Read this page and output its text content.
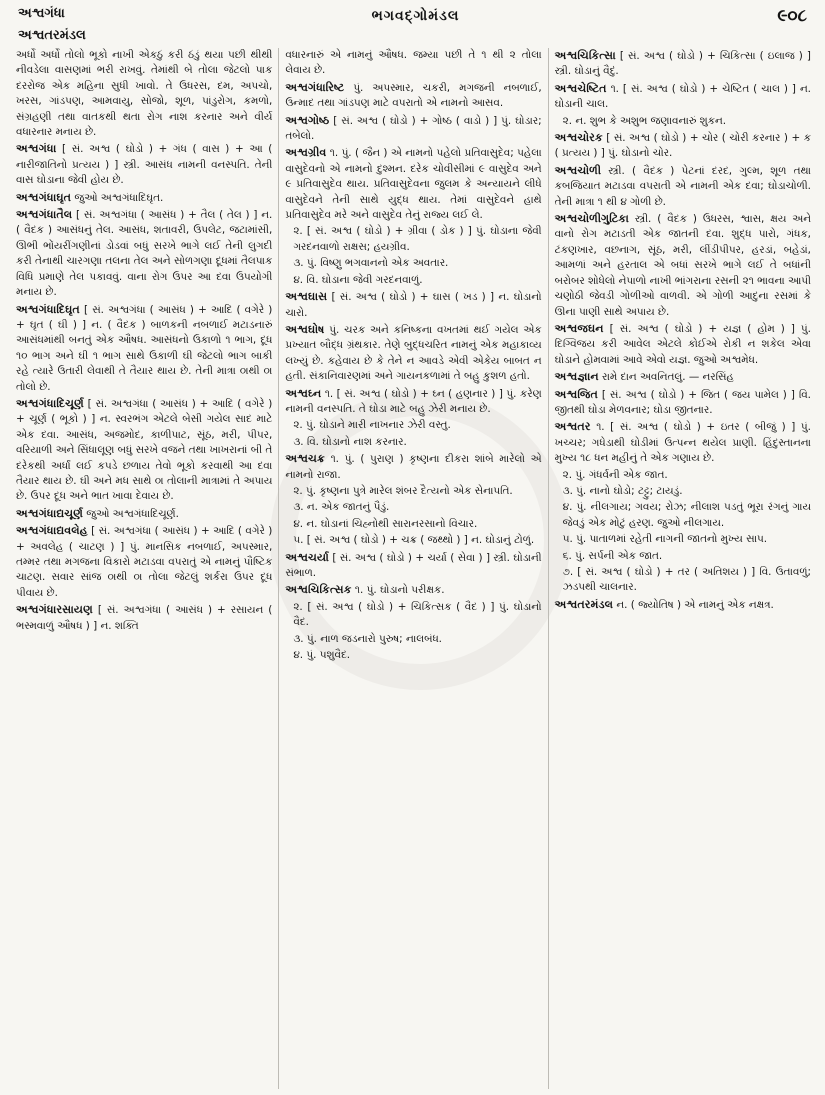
અશ્વગંધા	ભગવદ્ગોમંડલ	૯૦૮
અશ્વતરમંડલ
અર્ધો અર્ધો તોલો ભૂકો નાખી એકઠું કરી ઠંડું થયા પછી થીથી નીવડેલા વાસણમાં ભરી રાખવું. તેમાંથી બે તોલા જેટલો પાક દરરોજ એક મહિના સુધી ખાવો. તે ઉધરસ, દમ, અપચો, ખરસ, ગાંડપણ, આમવાયુ, સોજો, શૂળ, પાંડુરોગ, કમળો, સંગ્રહણી તથા વાતકથી થતા રોગ નાશ કરનાર અને વીર્ય વધારનાર મનાય છે.
અશ્વગંધા [ સં. અશ્વ ( ઘોડો ) + ગંધ ( વાસ ) + આ ( નારીજાતિનો પ્રત્યય ) ] સ્ત્રી. આસંધ નામની વનસ્પતિ. તેની વાસ ઘોડાના જેવી હોય છે.
અશ્વગંધાઘૃત જુઓ અશ્વગંધાદિઘૃત.
અશ્વગંધાતૈલ [ સં. અશ્વગંધા ( આસંધ ) + તૈલ ( તેલ ) ] ન. ( વૈદક ) આસંધનું તેલ. આસંધ, શતાવરી, ઉપલેટ, જટામાંસી, ઊભી ભોંયરીંગણીનાં ડોડવાં બધું સરખે ભાગે લઈ તેની લુગદી કરી તેનાથી ચારગણા તલના તેલ અને સોળગણા દૂધમાં તૈલપાક વિધિ પ્રમાણે તેલ પકાવવું. વાના રોગ ઉપર આ દવા ઉપયોગી મનાય છે.
અશ્વગંધાદિઘૃત [ સં. અશ્વગંધા ( આસંધ ) + આદિ ( વગેરે ) + ઘૃત ( ઘી ) ] ન. ( વૈદક ) બાળકની નબળાઈ મટાડનારું આસંધમાંથી બનતું એક ઔષધ. આસંધનો ઉકાળો ૧ ભાગ, દૂધ ૧૦ ભાગ અને ઘી ૧ ભાગ સાથે ઉકાળી ઘી જેટલો ભાગ બાકી રહે ત્યારે ઉતારી લેવાથી તે તૈયાર થાય છે. તેની માત્રા ૦ાથી ૦ા તોલો છે.
અશ્વગંધાદિચૂર્ણ [ સં. અશ્વગંધા ( આસંધ ) + આદિ ( વગેરે ) + ચૂર્ણ ( ભૂકો ) ] ન. સ્વરભંગ એટલે બેસી ગયેલ સાદ માટે એક દવા. આસંધ, અજમોદ, કાળીપાટ, સૂંઠ, મરી, પીપર, વરિયાળી અને સિંધાલૂણ બધું સરખે વજને તથા ખાખરાનાં બી તે દરેકથી અર્ધાં લઈ કપડે છળાય તેવો ભૂકો કરવાથી આ દવા તૈયાર થાય છે. ઘી અને મધ સાથે ૦ા તોલાની માત્રામાં તે અપાય છે. ઉપર દૂધ અને ભાત ખાવા દેવાય છે.
અશ્વગંધાદ્યચૂર્ણ જુઓ અશ્વગંધાદિચૂર્ણ.
અશ્વગંધાદ્યવલેહ [ સં. અશ્વગંધા ( આસંધ ) + આદિ ( વગેરે ) + અવલેહ ( ચાટણ ) ] પું. માનસિક નબળાઈ, અપસ્માર, તમ્મર તથા મગજના વિકારો મટાડવા વપરાતું એ નામનું પૌષ્ટિક ચાટણ. સવાર સાંજ ૦ાથી ૦ા તોલા જેટલું શર્કરા ઉપર દૂધ પીવાય છે.
અશ્વગંધારસાયણ [ સં. અશ્વગંધા ( આસંધ ) + રસાયન ( ભસ્મવાળું ઔષધ ) ] ન. શક્તિ
વધારનારું એ નામનું ઔષધ. જમ્યા પછી તે ૧ થી ૨ તોલા લેવાય છે.
અશ્વગંધારિષ્ટ પું. અપસ્માર, ચકરી, મગજની નબળાઈ, ઉન્માદ તથા ગાંડપણ માટે વપરાતો એ નામનો આસવ.
અશ્વગોષ્ઠ [ સં. અશ્વ ( ઘોડો ) + ગોષ્ઠ ( વાડો ) ] પું. ઘોડાર; તબેલો.
અશ્વગ્રીવ ૧. પું. ( જૈન ) એ નામનો પહેલો પ્રતિવાસુદેવ; પહેલા વાસુદેવનો એ નામનો દુશ્મન. દરેક ચોવીસીમાં ૯ વાસુદેવ અને ૯ પ્રતિવાસુદેવ થાય. પ્રતિવાસુદેવના જુલમ કે અન્યાયને લીધે વાસુદેવને તેની સાથે યુદ્ધ થાય. તેમાં વાસુદેવને હાથે પ્રતિવાસુદેવ મરે અને વાસુદેવ તેનું રાજ્ય લઈ લે.
૨. [ સં. અશ્વ ( ઘોડો ) + ગ્રીવા ( ડોક ) ] પું. ઘોડાના જેવી ગરદનવાળો રાક્ષસ; હયગ્રીવ.
૩. પું. વિષ્ણુ ભગવાનનો એક અવતાર.
૪. વિ. ઘોડાના જેવી ગરદનવાળું.
અશ્વઘાસ [ સં. અશ્વ ( ઘોડો ) + ઘાસ ( ખડ ) ] ન. ઘોડાનો ચારો.
અશ્વઘોષ પું. ચરક અને કનિષ્કના વખતમાં થઈ ગયેલ એક પ્રખ્યાત બૌદ્ધ ગ્રંથકાર. તેણે બુદ્ધચરિત નામનું એક મહાકાવ્ય લખ્યું છે. કહેવાય છે કે તેને ન આવડે એવી એકેય બાબત ન હતી. સંકાનિવારણમાં અને ગાયનકળામાં તે બહુ કુશળ હતો.
અશ્વઘ્ન ૧. [ સં. અશ્વ ( ઘોડો ) + ઘ્ન ( હણનાર ) ] પું. કરેણ નામની વનસ્પતિ. તે ઘોડા માટે બહુ ઝેરી મનાય છે.
૨. પું. ઘોડાને મારી નાખનાર ઝેરી વસ્તુ.
૩. વિ. ઘોડાનો નાશ કરનાર.
અશ્વચક્ર ૧. પું. ( પુરાણ ) કૃષ્ણના દીકરા શાંબે મારેલો એ નામનો રાજા.
૨. પું. કૃષ્ણના પુત્રે મારેલ શંબર દૈત્યનો એક સેનાપતિ.
૩. ન. એક જાતનું પૈડું.
૪. ન. ઘોડાનાં ચિહ્નોથી સારાનરસાનો વિચાર.
૫. [ સં. અશ્વ ( ઘોડો ) + ચક્ર ( જથ્થો ) ] ન. ઘોડાનું ટોળું.
અશ્વચર્યા [ સં. અશ્વ ( ઘોડો ) + ચર્યા ( સેવા ) ] સ્ત્રી. ઘોડાની સંભાળ.
અશ્વચિકિત્સક ૧. પું. ઘોડાનો પરીક્ષક.
૨. [ સં. અશ્વ ( ઘોડો ) + ચિકિત્સક ( વૈદ ) ] પું. ઘોડાનો વૈદ.
૩. પું. નાળ જડનારો પુરુષ; નાલબંધ.
૪. પું. પશુવૈદ.
અશ્વચિકિત્સા [ સં. અશ્વ ( ઘોડો ) + ચિકિત્સા ( ઇલાજ ) ] સ્ત્રી. ઘોડાનું વૈદું.
અશ્વચેષ્ટિત ૧. [ સં. અશ્વ ( ઘોડો ) + ચેષ્ટિત ( ચાલ ) ] ન. ઘોડાની ચાલ.
૨. ન. શુભ કે અશુભ જણાવનારું શુકન.
અશ્વચોરક [ સં. અશ્વ ( ઘોડો ) + ચોર ( ચોરી કરનાર ) + ક ( પ્રત્યય ) ] પું. ઘોડાનો ચોર.
અશ્વચોળી સ્ત્રી. ( વૈદક ) પેટનાં દરદ, ગુલ્મ, શૂળ તથા કબજિયાત મટાડવા વપરાતી એ નામની એક દવા; ઘોડાચોળી. તેની માત્રા ૧ થી ૪ ગોળી છે.
અશ્વચોળીગુટિકા સ્ત્રી. ( વૈદક ) ઉધરસ, શ્વાસ, ક્ષય અને વાનો રોગ મટાડતી એક જાતની દવા. શુદ્ધ પારો, ગંધક, ટંકણખાર, વછનાગ, સૂંઠ, મરી, લીંડીપીપર, હરડાં, બહેડાં, આમળાં અને હરતાલ એ બધાં સરખે ભાગે લઈ તે બધાંની બરોબર શોધેલો નેપાળો નાખી ભાંગરાના રસની ૨૧ ભાવના આપી ચણોઠી જેવડી ગોળીઓ વાળવી. એ ગોળી આદુના રસમાં કે ઊના પાણી સાથે અપાય છે.
અશ્વજઘન [ સં. અશ્વ ( ઘોડો ) + યજ્ઞ ( હોમ ) ] પું. દિગ્વિજય કરી આવેલ એટલે કોઈએ રોકી ન શકેલ એવા ઘોડાને હોમવામાં આવે એવો યજ્ઞ. જુઓ અશ્વમેધ.
અશ્વજ્ઞાન રામે દાન અવનિતલું. — નરસિંહ
અશ્વજિત [ સં. અશ્વ ( ઘોડો ) + જિત ( જય પામેલ ) ] વિ. જીતથી ઘોડા મેળવનાર; ઘોડા જીતનાર.
અશ્વતર ૧. [ સં. અશ્વ ( ઘોડો ) + ઇતર ( બીજું ) ] પું. ખચ્ચર; ગધેડાથી ઘોડીમાં ઉત્પન્ન થયેલ પ્રાણી. હિંદુસ્તાનના મુખ્ય ૧૮ ધન મહીનું તે એક ગણાય છે.
૨. પું. ગંધર્વની એક જાત.
૩. પું. નાનો ઘોડો; ટટ્ટુ; ટાયડું.
૪. પું. નીલગાય; ગવય; રોઝ; નીલાશ પડતું ભૂરા રંગનું ગાય જેવડું એક મોટું હરણ. જુઓ નીલગાય.
૫. પું. પાતાળમાં રહેતી નાગની જાતનો મુખ્ય સાપ.
૬. પું. સર્પની એક જાત.
૭. [ સં. અશ્વ ( ઘોડો ) + તર ( અતિશય ) ] વિ. ઉતાવળું; ઝડપથી ચાલનાર.
અશ્વતરમંડલ ન. ( જ્યોતિષ ) એ નામનું એક નક્ષત્ર.
